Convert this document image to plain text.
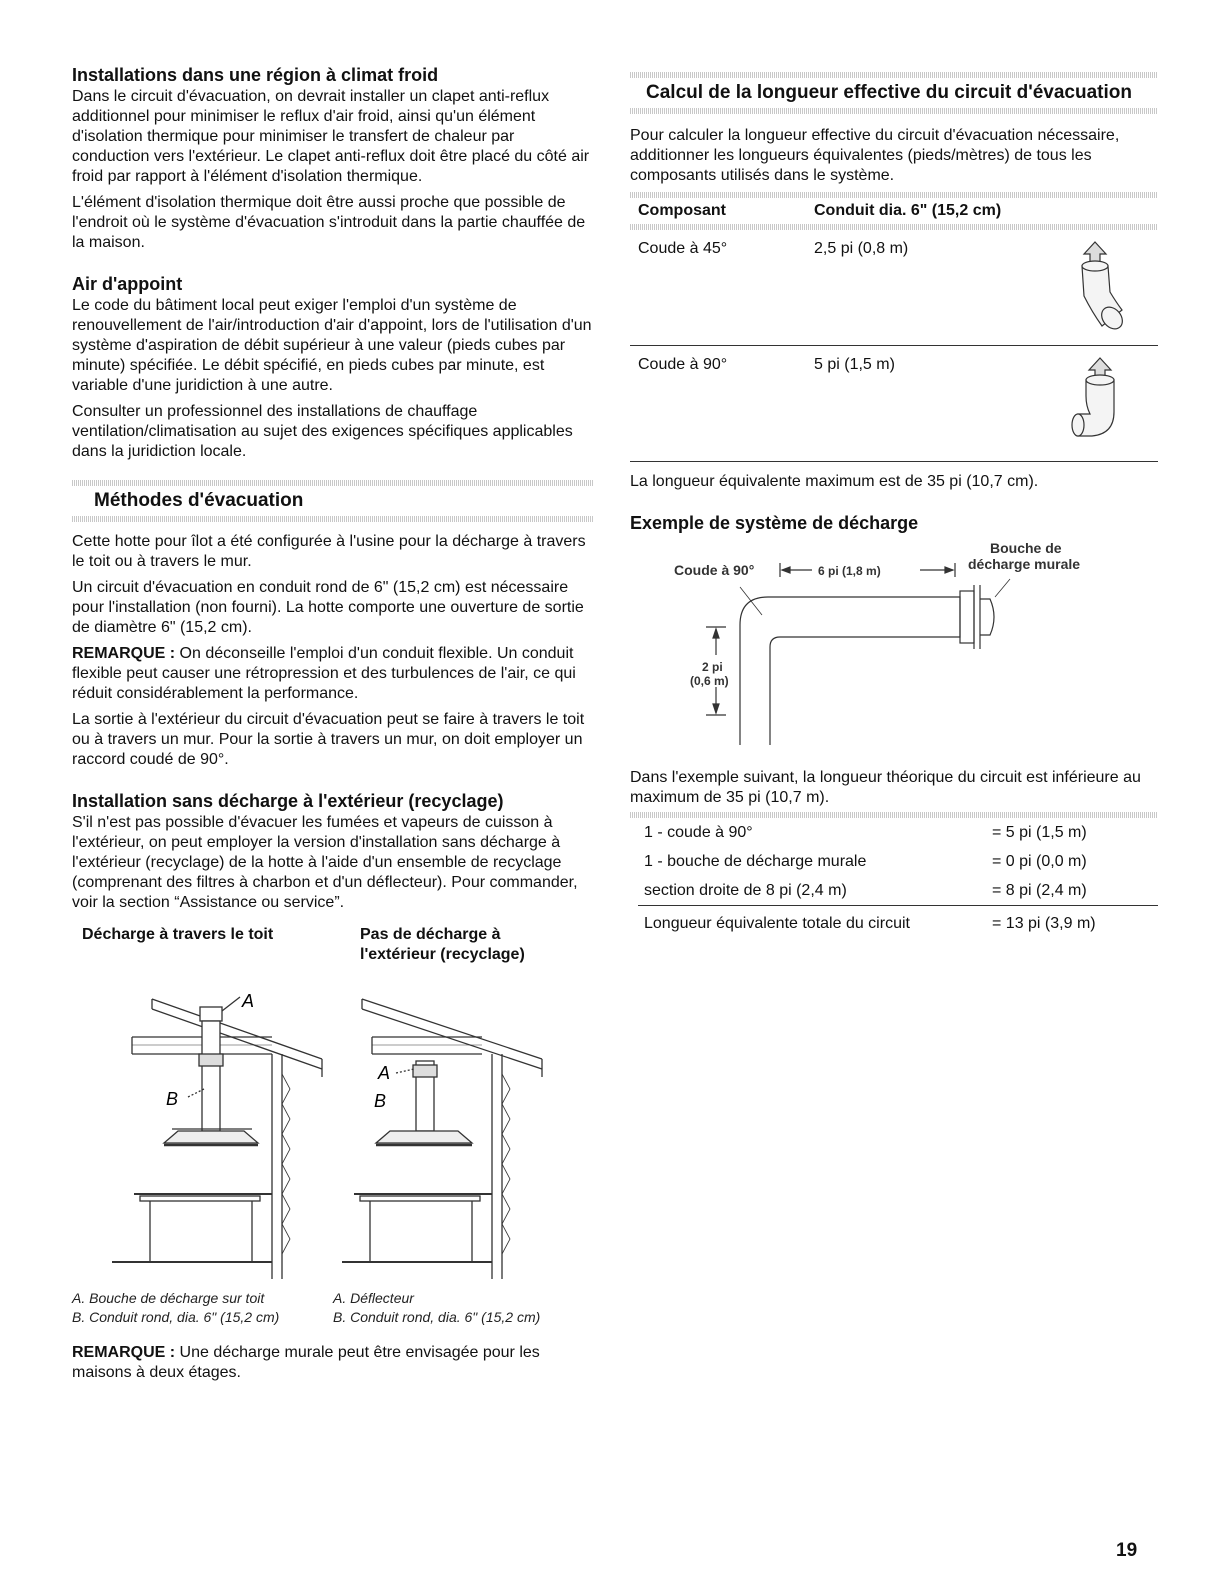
Installations dans une région à climat froid

Dans le circuit d'évacuation, on devrait installer un clapet anti-reflux additionnel pour minimiser le reflux d'air froid, ainsi qu'un élément d'isolation thermique pour minimiser le transfert de chaleur par conduction vers l'extérieur. Le clapet anti-reflux doit être placé du côté air froid par rapport à l'élément d'isolation thermique.

L'élément d'isolation thermique doit être aussi proche que possible de l'endroit où le système d'évacuation s'introduit dans la partie chauffée de la maison.

Air d'appoint

Le code du bâtiment local peut exiger l'emploi d'un système de renouvellement de l'air/introduction d'air d'appoint, lors de l'utilisation d'un système d'aspiration de débit supérieur à une valeur (pieds cubes par minute) spécifiée. Le débit spécifié, en pieds cubes par minute, est variable d'une juridiction à une autre.

Consulter un professionnel des installations de chauffage ventilation/climatisation au sujet des exigences spécifiques applicables dans la juridiction locale.

Méthodes d'évacuation

Cette hotte pour îlot a été configurée à l'usine pour la décharge à travers le toit ou à travers le mur.

Un circuit d'évacuation en conduit rond de 6" (15,2 cm) est nécessaire pour l'installation (non fourni). La hotte comporte une ouverture de sortie de diamètre 6" (15,2 cm).

REMARQUE : On déconseille l'emploi d'un conduit flexible. Un conduit flexible peut causer une rétropression et des turbulences de l'air, ce qui réduit considérablement la performance.

La sortie à l'extérieur du circuit d'évacuation peut se faire à travers le toit ou à travers un mur. Pour la sortie à travers un mur, on doit employer un raccord coudé de 90°.

Installation sans décharge à l'extérieur (recyclage)

S'il n'est pas possible d'évacuer les fumées et vapeurs de cuisson à l'extérieur, on peut employer la version d'installation sans décharge à l'extérieur (recyclage) de la hotte à l'aide d'un ensemble de recyclage (comprenant des filtres à charbon et d'un déflecteur). Pour commander, voir la section “Assistance ou service”.

Décharge à travers le toit	Pas de décharge à l'extérieur (recyclage)
A
B
A
B
A. Bouche de décharge sur toit
B. Conduit rond, dia. 6" (15,2 cm)
A. Déflecteur
B. Conduit rond, dia. 6" (15,2 cm)

REMARQUE : Une décharge murale peut être envisagée pour les maisons à deux étages.

Calcul de la longueur effective du circuit d'évacuation

Pour calculer la longueur effective du circuit d'évacuation nécessaire, additionner les longueurs équivalentes (pieds/mètres) de tous les composants utilisés dans le système.

Composant	Conduit dia. 6" (15,2 cm)	

Coude à 45°	2,5 pi (0,8 m)	
Coude à 90°	5 pi (1,5 m)	

La longueur équivalente maximum est de 35 pi (10,7 cm).

Exemple de système de décharge
Coude à 90°	6 pi (1,8 m)
Bouche de
décharge murale
2 pi
(0,6 m)

Dans l'exemple suivant, la longueur théorique du circuit est inférieure au maximum de 35 pi (10,7 m).

1 - coude à 90°	= 5 pi (1,5 m)
1 - bouche de décharge murale	= 0 pi (0,0 m)
section droite de 8 pi (2,4 m)	= 8 pi (2,4 m)
Longueur équivalente totale du circuit	= 13 pi (3,9 m)
19
